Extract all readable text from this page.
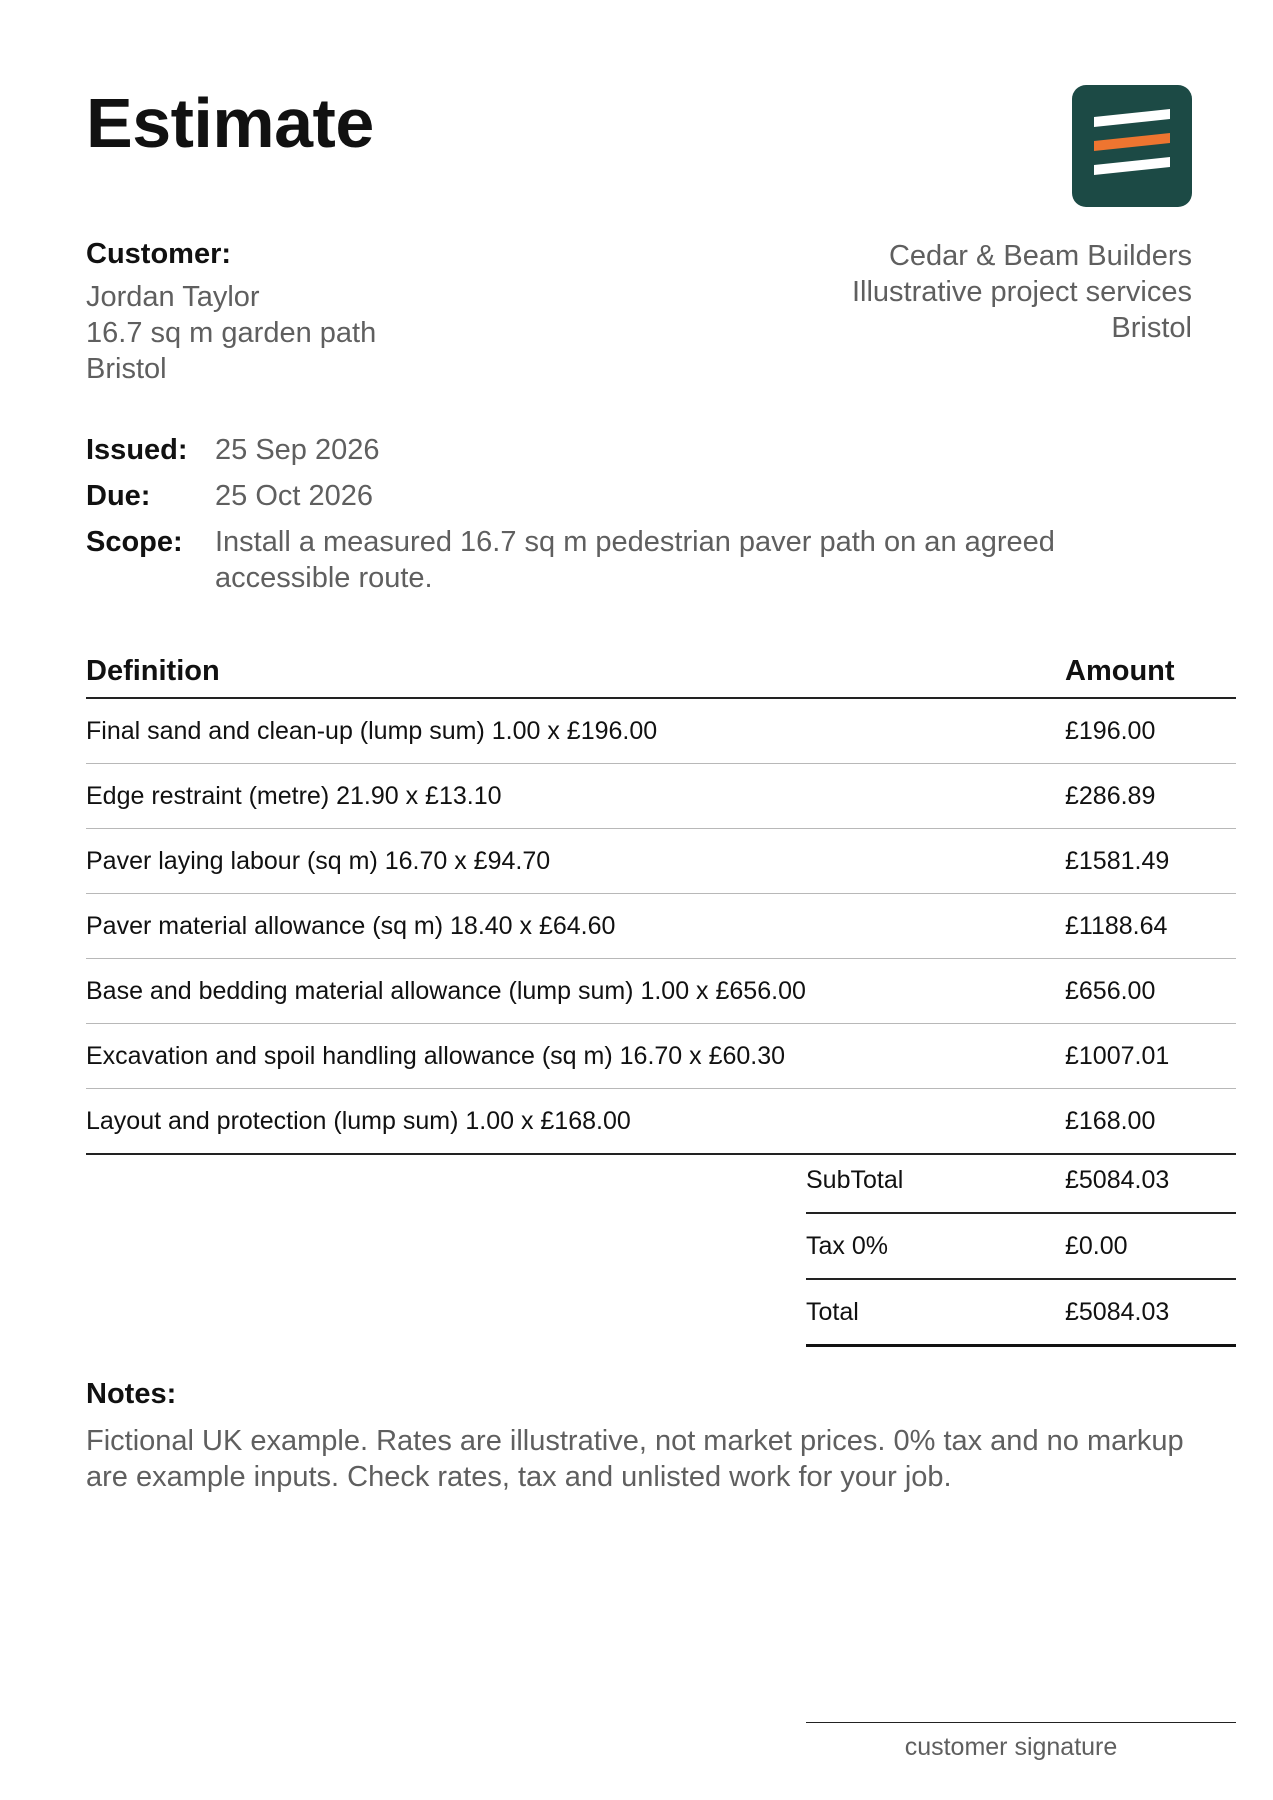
Estimate
Customer:
Jordan Taylor
16.7 sq m garden path
Bristol
Cedar & Beam Builders
Illustrative project services
Bristol
Issued: 25 Sep 2026
Due:	25 Oct 2026
Scope:	Install a measured 16.7 sq m pedestrian paver path on an agreed accessible route.
Definition	Amount
Final sand and clean-up (lump sum) 1.00 x £196.00	£196.00
Edge restraint (metre) 21.90 x £13.10	£286.89
Paver laying labour (sq m) 16.70 x £94.70	£1581.49
Paver material allowance (sq m) 18.40 x £64.60	£1188.64
Base and bedding material allowance (lump sum) 1.00 x £656.00	£656.00
Excavation and spoil handling allowance (sq m) 16.70 x £60.30	£1007.01
Layout and protection (lump sum) 1.00 x £168.00	£168.00
SubTotal	£5084.03
Tax 0%	£0.00
Total	£5084.03
Notes:
Fictional UK example. Rates are illustrative, not market prices. 0% tax and no markup are example inputs. Check rates, tax and unlisted work for your job.
customer signature
